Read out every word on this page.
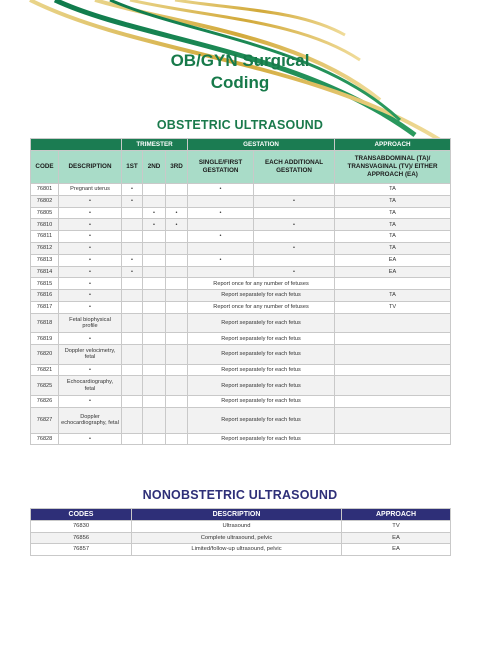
OB/GYN Surgical
Coding
OBSTETRIC ULTRASOUND
		TRIMESTER			GESTATION		APPROACH
CODE	DESCRIPTION	1ST	2ND	3RD	SINGLE/FIRST GESTATION	EACH ADDITIONAL GESTATION	TRANSABDOMINAL (TA)/ TRANSVAGINAL (TV)/ EITHER APPROACH (EA)
76801	Pregnant uterus	•			•		TA
76802	•	•				•	TA
76805	•		•	•	•		TA
76810	•		•	•		•	TA
76811	•				•		TA
76812	•					•	TA
76813	•	•			•		EA
76814	•	•				•	EA
76815	•				Report once for any number of fetuses		
76816	•				Report separately for each fetus		TA
76817	•				Report once for any number of fetuses		TV
76818	Fetal biophysical profile				Report separately for each fetus		
76819	•				Report separately for each fetus		
76820	Doppler velocimetry, fetal				Report separately for each fetus		
76821	•				Report separately for each fetus		
76825	Echocardiography, fetal				Report separately for each fetus		
76826	•				Report separately for each fetus		
76827	Doppler echocardiography, fetal				Report separately for each fetus		
76828	•				Report separately for each fetus		
NONOBSTETRIC ULTRASOUND
CODES	DESCRIPTION	APPROACH
76830	Ultrasound	TV
76856	Complete ultrasound, pelvic	EA
76857	Limited/follow-up ultrasound, pelvic	EA
